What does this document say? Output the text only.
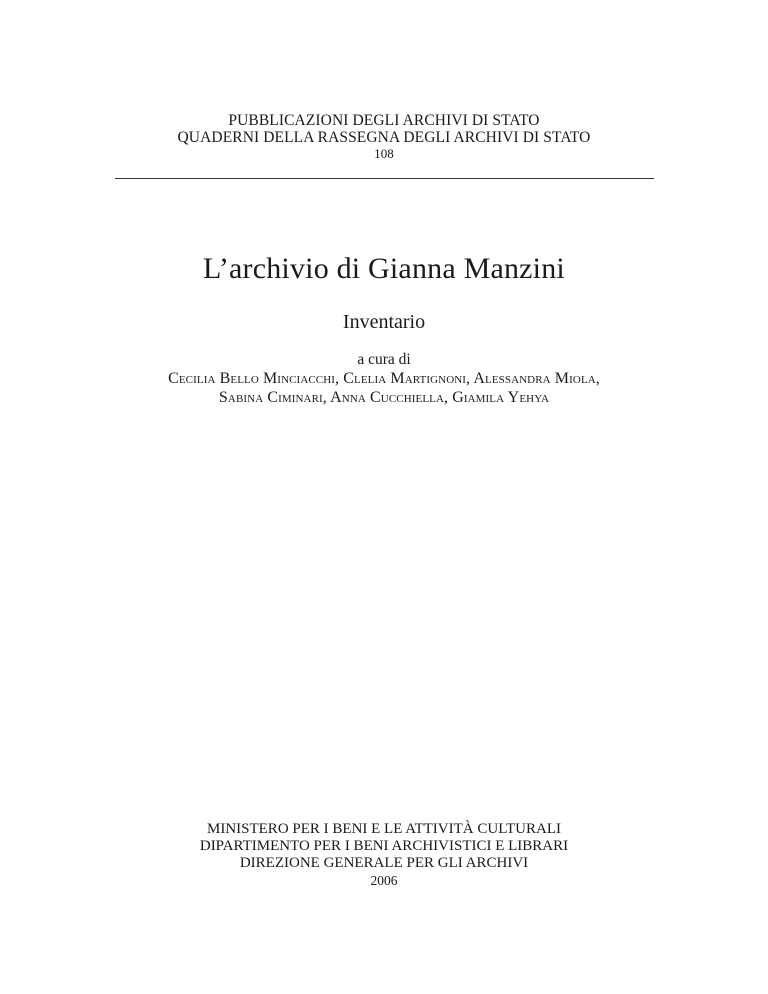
PUBBLICAZIONI DEGLI ARCHIVI DI STATO
QUADERNI DELLA RASSEGNA DEGLI ARCHIVI DI STATO
108
L’archivio di Gianna Manzini
Inventario
a cura di
Cecilia Bello Minciacchi, Clelia Martignoni, Alessandra Miola,
Sabina Ciminari, Anna Cucchiella, Giamila Yehya
MINISTERO PER I BENI E LE ATTIVITÀ CULTURALI
DIPARTIMENTO PER I BENI ARCHIVISTICI E LIBRARI
DIREZIONE GENERALE PER GLI ARCHIVI
2006
